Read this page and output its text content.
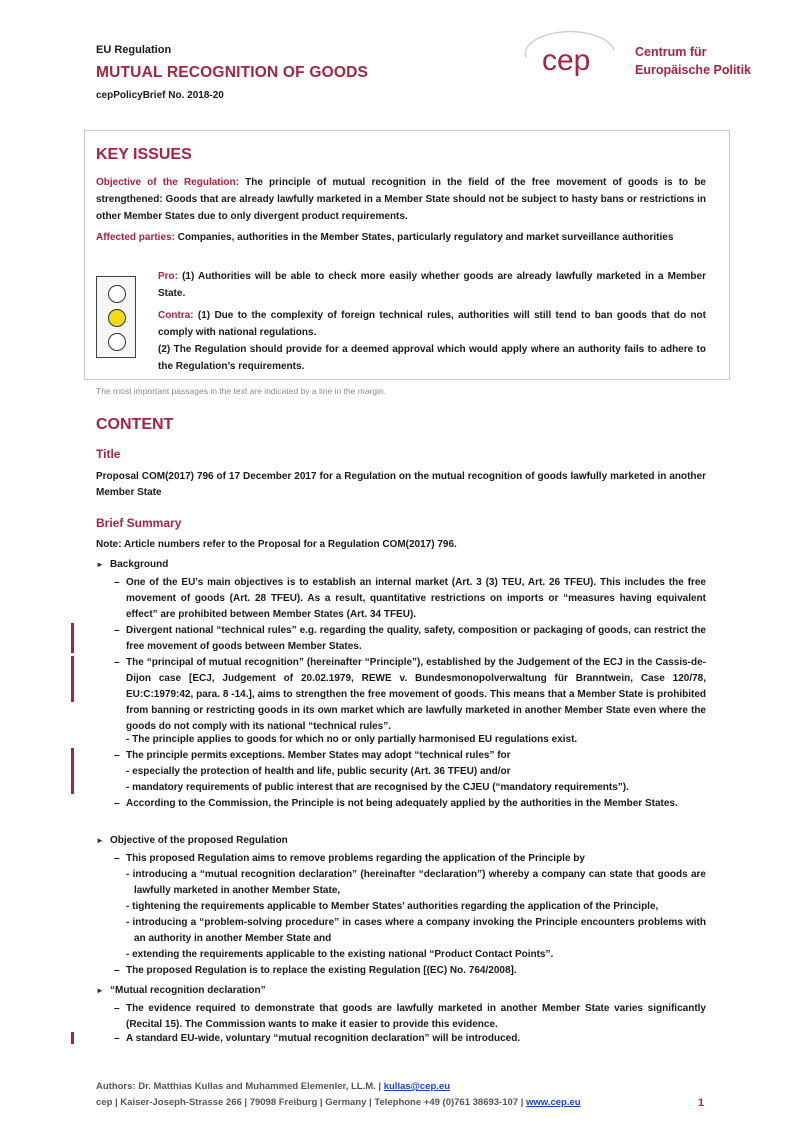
EU Regulation
MUTUAL RECOGNITION OF GOODS
cepPolicyBrief No. 2018-20
cep	Centrum für
Europäische Politik
KEY ISSUES
Objective of the Regulation: The principle of mutual recognition in the field of the free movement of goods is to be strengthened: Goods that are already lawfully marketed in a Member State should not be subject to hasty bans or restrictions in other Member States due to only divergent product requirements.
Affected parties: Companies, authorities in the Member States, particularly regulatory and market surveillance authorities
Pro: (1) Authorities will be able to check more easily whether goods are already lawfully marketed in a Member State.
Contra: (1) Due to the complexity of foreign technical rules, authorities will still tend to ban goods that do not comply with national regulations.
(2) The Regulation should provide for a deemed approval which would apply where an authority fails to adhere to the Regulation’s requirements.
The most important passages in the text are indicated by a line in the margin.
CONTENT
Title
Proposal COM(2017) 796 of 17 December 2017 for a Regulation on the mutual recognition of goods lawfully marketed in another Member State
Brief Summary
Note: Article numbers refer to the Proposal for a Regulation COM(2017) 796.
► Background
– One of the EU’s main objectives is to establish an internal market (Art. 3 (3) TEU, Art. 26 TFEU). This includes the free movement of goods (Art. 28 TFEU). As a result, quantitative restrictions on imports or “measures having equivalent effect” are prohibited between Member States (Art. 34 TFEU).
– Divergent national “technical rules” e.g. regarding the quality, safety, composition or packaging of goods, can restrict the free movement of goods between Member States.
– The “principal of mutual recognition” (hereinafter “Principle”), established by the Judgement of the ECJ in the Cassis-de-Dijon case [ECJ, Judgement of 20.02.1979, REWE v. Bundesmonopolverwaltung für Branntwein, Case 120/78, EU:C:1979:42, para. 8 -14.], aims to strengthen the free movement of goods. This means that a Member State is prohibited from banning or restricting goods in its own market which are lawfully marketed in another Member State even where the goods do not comply with its national “technical rules”.
- The principle applies to goods for which no or only partially harmonised EU regulations exist.
– The principle permits exceptions. Member States may adopt “technical rules” for
- especially the protection of health and life, public security (Art. 36 TFEU) and/or
- mandatory requirements of public interest that are recognised by the CJEU (“mandatory requirements”).
– According to the Commission, the Principle is not being adequately applied by the authorities in the Member States.
► Objective of the proposed Regulation
– This proposed Regulation aims to remove problems regarding the application of the Principle by
- introducing a “mutual recognition declaration” (hereinafter “declaration”) whereby a company can state that goods are lawfully marketed in another Member State,
- tightening the requirements applicable to Member States’ authorities regarding the application of the Principle,
- introducing a “problem-solving procedure” in cases where a company invoking the Principle encounters problems with an authority in another Member State and
- extending the requirements applicable to the existing national “Product Contact Points”.
– The proposed Regulation is to replace the existing Regulation [(EC) No. 764/2008].
► “Mutual recognition declaration”
– The evidence required to demonstrate that goods are lawfully marketed in another Member State varies significantly (Recital 15). The Commission wants to make it easier to provide this evidence.
– A standard EU-wide, voluntary “mutual recognition declaration” will be introduced.
Authors: Dr. Matthias Kullas and Muhammed Elemenler, LL.M. | kullas@cep.eu
cep | Kaiser-Joseph-Strasse 266 | 79098 Freiburg | Germany | Telephone +49 (0)761 38693-107 | www.cep.eu	1
